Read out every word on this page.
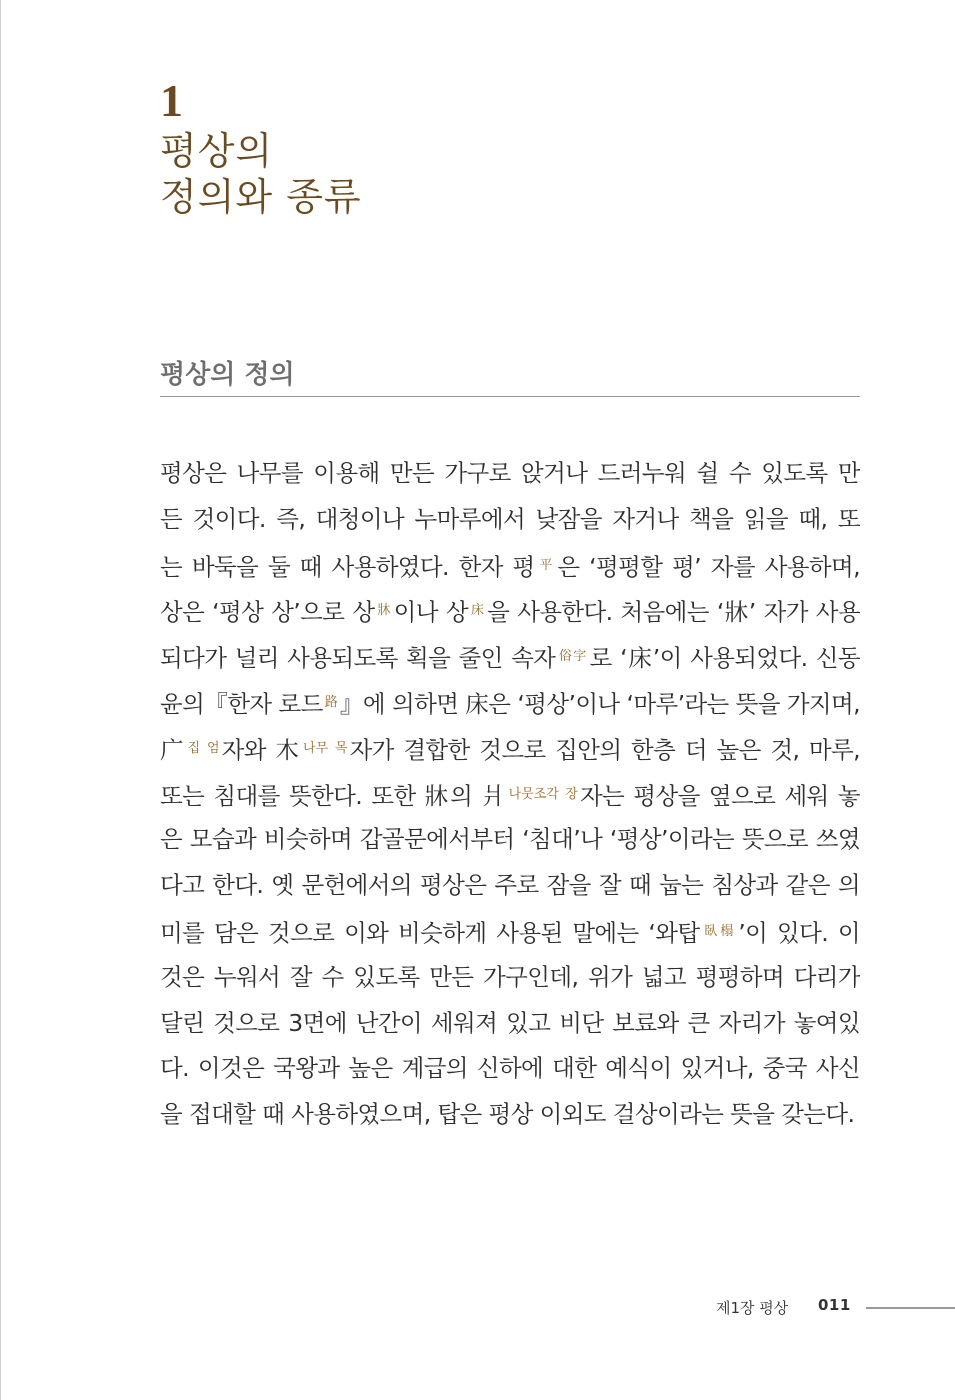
1
평상의
정의와 종류
평상의 정의
평상은 나무를 이용해 만든 가구로 앉거나 드러누워 쉴 수 있도록 만
든 것이다. 즉, 대청이나 누마루에서 낮잠을 자거나 책을 읽을 때, 또
는 바둑을 둘 때 사용하였다. 한자 평 $^平$은 ‘평평할 평’ 자를 사용하며,
상은 ‘평상 상’으로 상 $^牀$이나 상 $^床$을 사용한다. 처음에는 ‘牀’ 자가 사용
되다가 널리 사용되도록 획을 줄인 속자 $^{俗字}$로 ‘床’이 사용되었다. 신동
윤의『한자 로드 $^路$』에 의하면 床은 ‘평상’이나 ‘마루’라는 뜻을 가지며,
广 $^{집 엄}$자와 木 $^{나무 목}$자가 결합한 것으로 집안의 한층 더 높은 것, 마루,
또는 침대를 뜻한다. 또한 牀의 爿 $^{나뭇조각 장}$자는 평상을 옆으로 세워 놓
은 모습과 비슷하며 갑골문에서부터 ‘침대’나 ‘평상’이라는 뜻으로 쓰였
다고 한다. 옛 문헌에서의 평상은 주로 잠을 잘 때 눕는 침상과 같은 의
미를 담은 것으로 이와 비슷하게 사용된 말에는 ‘와탑 $^{臥榻}$’이 있다. 이
것은 누워서 잘 수 있도록 만든 가구인데, 위가 넓고 평평하며 다리가
달린 것으로 3면에 난간이 세워져 있고 비단 보료와 큰 자리가 놓여있
다. 이것은 국왕과 높은 계급의 신하에 대한 예식이 있거나, 중국 사신
을 접대할 때 사용하였으며, 탑은 평상 이외도 걸상이라는 뜻을 갖는다.
제1장 평상 011
